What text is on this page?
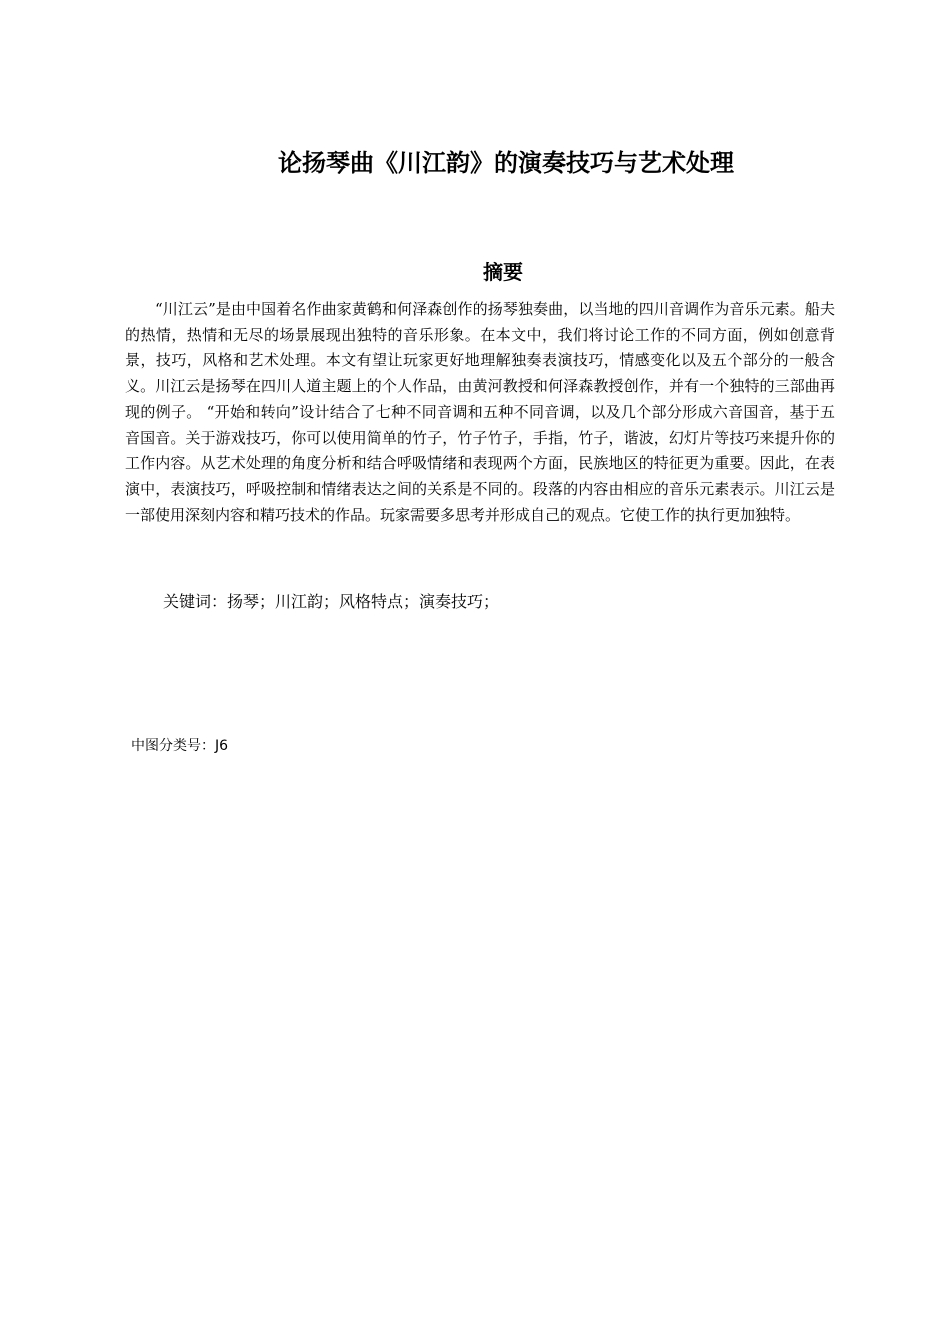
论扬琴曲《川江韵》的演奏技巧与艺术处理
摘要

“川江云”是由中国着名作曲家黄鹤和何泽森创作的扬琴独奏曲，以当地的四川音调作为音乐元素。船夫的热情，热情和无尽的场景展现出独特的音乐形象。在本文中，我们将讨论工作的不同方面，例如创意背景，技巧，风格和艺术处理。本文有望让玩家更好地理解独奏表演技巧，情感变化以及五个部分的一般含义。川江云是扬琴在四川人道主题上的个人作品，由黄河教授和何泽森教授创作，并有一个独特的三部曲再现的例子。 “开始和转向”设计结合了七种不同音调和五种不同音调，以及几个部分形成六音国音，基于五音国音。关于游戏技巧，你可以使用简单的竹子，竹子竹子，手指，竹子，谐波，幻灯片等技巧来提升你的工作内容。从艺术处理的角度分析和结合呼吸情绪和表现两个方面，民族地区的特征更为重要。因此，在表演中，表演技巧，呼吸控制和情绪表达之间的关系是不同的。段落的内容由相应的音乐元素表示。川江云是一部使用深刻内容和精巧技术的作品。玩家需要多思考并形成自己的观点。它使工作的执行更加独特。

关键词：扬琴；川江韵；风格特点；演奏技巧；

中图分类号：J6
